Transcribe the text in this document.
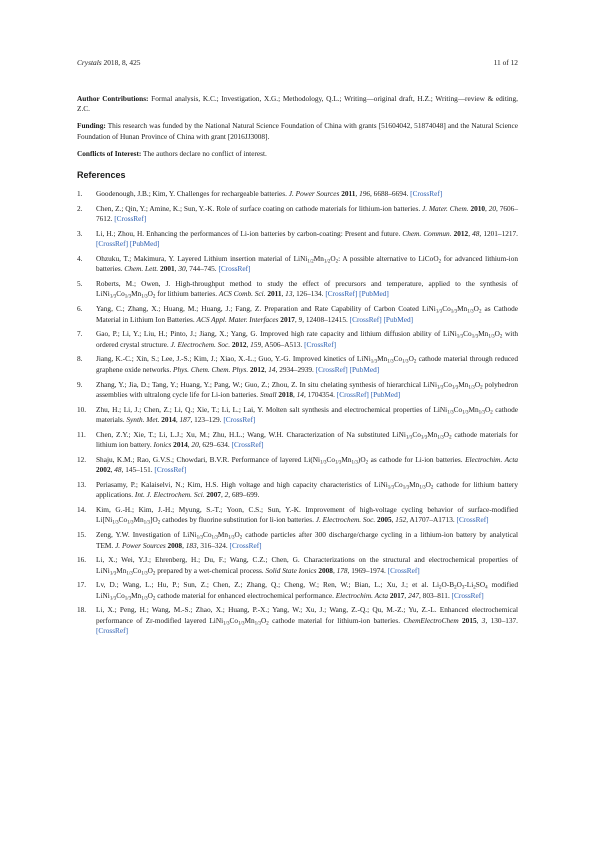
Crystals 2018, 8, 425	11 of 12

Author Contributions: Formal analysis, K.C.; Investigation, X.G.; Methodology, Q.L.; Writing—original draft, H.Z.; Writing—review & editing, Z.C.

Funding: This research was funded by the National Natural Science Foundation of China with grants [51604042, 51874048] and the Natural Science Foundation of Hunan Province of China with grant [2016JJ3008].

Conflicts of Interest: The authors declare no conflict of interest.

References
1. Goodenough, J.B.; Kim, Y. Challenges for rechargeable batteries. J. Power Sources 2011, 196, 6688–6694. [CrossRef]
2. Chen, Z.; Qin, Y.; Amine, K.; Sun, Y.-K. Role of surface coating on cathode materials for lithium-ion batteries. J. Mater. Chem. 2010, 20, 7606–7612. [CrossRef]
3. Li, H.; Zhou, H. Enhancing the performances of Li-ion batteries by carbon-coating: Present and future. Chem. Commun. 2012, 48, 1201–1217. [CrossRef] [PubMed]
4. Ohzuku, T.; Makimura, Y. Layered Lithium insertion material of $LiNi_{1/2}Mn_{1/2}O_2$: A possible alternative to LiCoO$_2$ for advanced lithium-ion batteries. Chem. Lett. 2001, 30, 744–745. [CrossRef]
5. Roberts, M.; Owen, J. High-throughput method to study the effect of precursors and temperature, applied to the synthesis of $LiNi_{1/3}Co_{1/3}Mn_{1/3}O_2$ for lithium batteries. ACS Comb. Sci. 2011, 13, 126–134. [CrossRef] [PubMed]
6. Yang, C.; Zhang, X.; Huang, M.; Huang, J.; Fang, Z. Preparation and Rate Capability of Carbon Coated $LiNi_{1/3}Co_{1/3}Mn_{1/3}O_2$ as Cathode Material in Lithium Ion Batteries. ACS Appl. Mater. Interfaces 2017, 9, 12408–12415. [CrossRef] [PubMed]
7. Gao, P.; Li, Y.; Liu, H.; Pinto, J.; Jiang, X.; Yang, G. Improved high rate capacity and lithium diffusion ability of $LiNi_{1/3}Co_{1/3}Mn_{1/3}O_2$ with ordered crystal structure. J. Electrochem. Soc. 2012, 159, A506–A513. [CrossRef]
8. Jiang, K.-C.; Xin, S.; Lee, J.-S.; Kim, J.; Xiao, X.-L.; Guo, Y.-G. Improved kinetics of $LiNi_{1/3}Mn_{1/3}Co_{1/3}O_2$ cathode material through reduced graphene oxide networks. Phys. Chem. Chem. Phys. 2012, 14, 2934–2939. [CrossRef] [PubMed]
9. Zhang, Y.; Jia, D.; Tang, Y.; Huang, Y.; Pang, W.; Guo, Z.; Zhou, Z. In situ chelating synthesis of hierarchical $LiNi_{1/3}Co_{1/3}Mn_{1/3}O_2$ polyhedron assemblies with ultralong cycle life for Li-ion batteries. Small 2018, 14, 1704354. [CrossRef] [PubMed]
10. Zhu, H.; Li, J.; Chen, Z.; Li, Q.; Xie, T.; Li, L.; Lai, Y. Molten salt synthesis and electrochemical properties of $LiNi_{1/3}Co_{1/3}Mn_{1/3}O_2$ cathode materials. Synth. Met. 2014, 187, 123–129. [CrossRef]
11. Chen, Z.Y.; Xie, T.; Li, L.J.; Xu, M.; Zhu, H.L.; Wang, W.H. Characterization of Na substituted $LiNi_{1/3}Co_{1/3}Mn_{1/3}O_2$ cathode materials for lithium ion battery. Ionics 2014, 20, 629–634. [CrossRef]
12. Shaju, K.M.; Rao, G.V.S.; Chowdari, B.V.R. Performance of layered $Li(Ni_{1/3}Co_{1/3}Mn_{1/3})O_2$ as cathode for Li-ion batteries. Electrochim. Acta 2002, 48, 145–151. [CrossRef]
13. Periasamy, P.; Kalaiselvi, N.; Kim, H.S. High voltage and high capacity characteristics of $LiNi_{1/3}Co_{1/3}Mn_{1/3}O_2$ cathode for lithium battery applications. Int. J. Electrochem. Sci. 2007, 2, 689–699.
14. Kim, G.-H.; Kim, J.-H.; Myung, S.-T.; Yoon, C.S.; Sun, Y.-K. Improvement of high-voltage cycling behavior of surface-modified $Li[Ni_{1/3}Co_{1/3}Mn_{1/3}]O_2$ cathodes by fluorine substitution for li-ion batteries. J. Electrochem. Soc. 2005, 152, A1707–A1713. [CrossRef]
15. Zeng, Y.W. Investigation of $LiNi_{1/3}Co_{1/3}Mn_{1/3}O_2$ cathode particles after 300 discharge/charge cycling in a lithium-ion battery by analytical TEM. J. Power Sources 2008, 183, 316–324. [CrossRef]
16. Li, X.; Wei, Y.J.; Ehrenberg, H.; Du, F.; Wang, C.Z.; Chen, G. Characterizations on the structural and electrochemical properties of $LiNi_{1/3}Mn_{1/3}Co_{1/3}O_2$ prepared by a wet-chemical process. Solid State Ionics 2008, 178, 1969–1974. [CrossRef]
17. Lv, D.; Wang, L.; Hu, P.; Sun, Z.; Chen, Z.; Zhang, Q.; Cheng, W.; Ren, W.; Bian, L.; Xu, J.; et al. $Li_2O-B_2O_3-Li_2SO_4$ modified $LiNi_{1/3}Co_{1/3}Mn_{1/3}O_2$ cathode material for enhanced electrochemical performance. Electrochim. Acta 2017, 247, 803–811. [CrossRef]
18. Li, X.; Peng, H.; Wang, M.-S.; Zhao, X.; Huang, P.-X.; Yang, W.; Xu, J.; Wang, Z.-Q.; Qu, M.-Z.; Yu, Z.-L. Enhanced electrochemical performance of Zr-modified layered $LiNi_{1/3}Co_{1/3}Mn_{1/3}O_2$ cathode material for lithium-ion batteries. ChemElectroChem 2015, 3, 130–137. [CrossRef]
